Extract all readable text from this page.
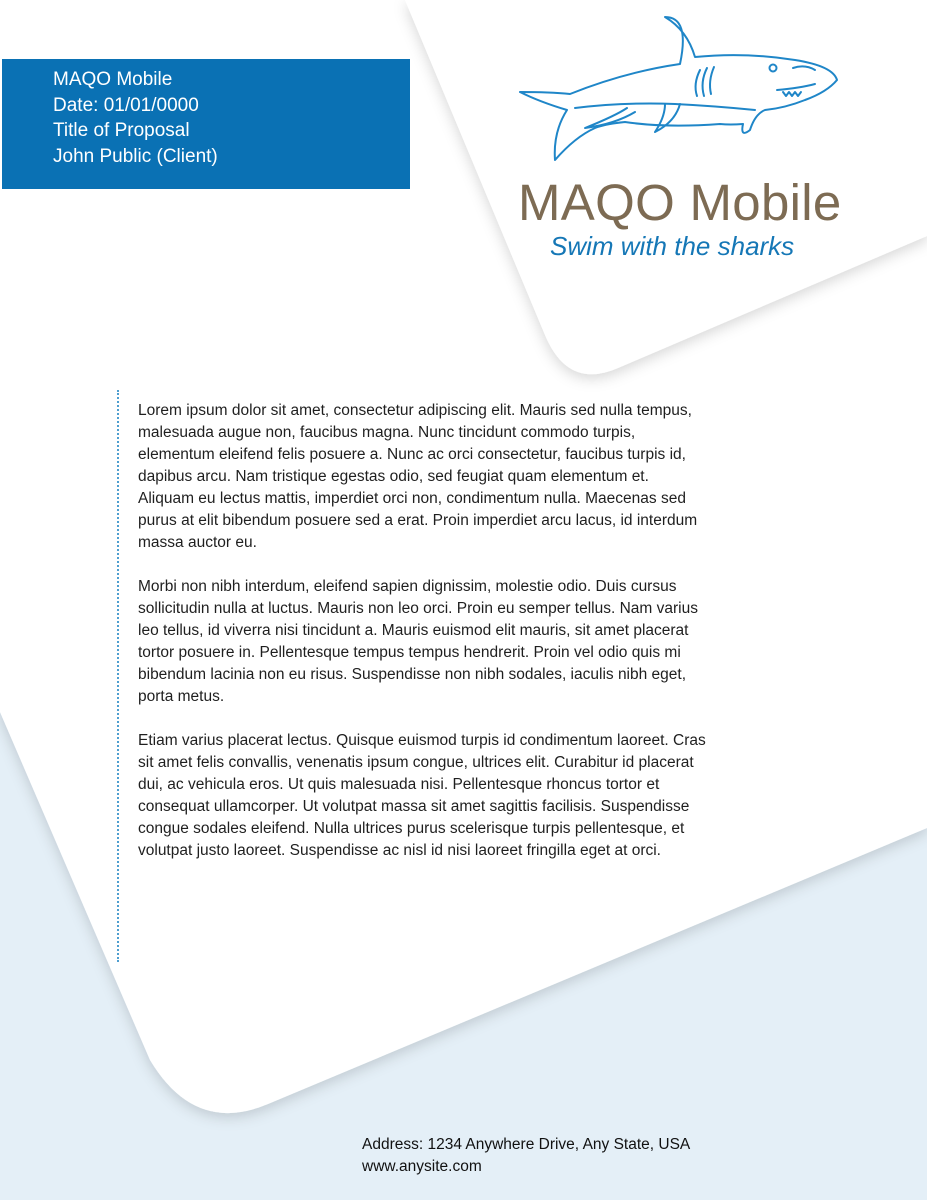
MAQO Mobile
Date: 01/01/0000
Title of Proposal
John Public (Client)
MAQO Mobile
Swim with the sharks

Lorem ipsum dolor sit amet, consectetur adipiscing elit. Mauris sed nulla tempus, malesuada augue non, faucibus magna. Nunc tincidunt commodo turpis, elementum eleifend felis posuere a. Nunc ac orci consectetur, faucibus turpis id, dapibus arcu. Nam tristique egestas odio, sed feugiat quam elementum et. Aliquam eu lectus mattis, imperdiet orci non, condimentum nulla. Maecenas sed purus at elit bibendum posuere sed a erat. Proin imperdiet arcu lacus, id interdum massa auctor eu.

Morbi non nibh interdum, eleifend sapien dignissim, molestie odio. Duis cursus sollicitudin nulla at luctus. Mauris non leo orci. Proin eu semper tellus. Nam varius leo tellus, id viverra nisi tincidunt a. Mauris euismod elit mauris, sit amet placerat tortor posuere in. Pellentesque tempus tempus hendrerit. Proin vel odio quis mi bibendum lacinia non eu risus. Suspendisse non nibh sodales, iaculis nibh eget, porta metus.

Etiam varius placerat lectus. Quisque euismod turpis id condimentum laoreet. Cras sit amet felis convallis, venenatis ipsum congue, ultrices elit. Curabitur id placerat dui, ac vehicula eros. Ut quis malesuada nisi. Pellentesque rhoncus tortor et consequat ullamcorper. Ut volutpat massa sit amet sagittis facilisis. Suspendisse congue sodales eleifend. Nulla ultrices purus scelerisque turpis pellentesque, et volutpat justo laoreet. Suspendisse ac nisl id nisi laoreet fringilla eget at orci.

Address: 1234 Anywhere Drive, Any State, USA
www.anysite.com
